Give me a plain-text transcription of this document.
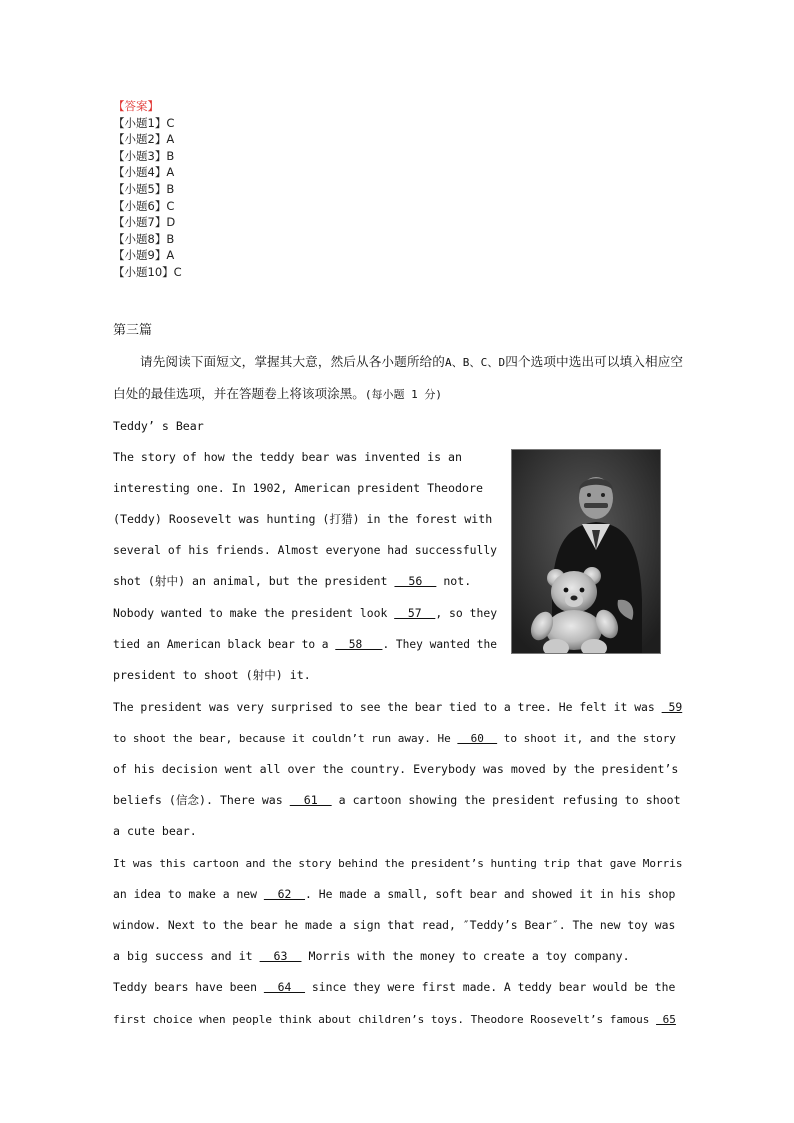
【答案】
【小题1】C
【小题2】A
【小题3】B
【小题4】A
【小题5】B
【小题6】C
【小题7】D
【小题8】B
【小题9】A
【小题10】C

第三篇

请先阅读下面短文，掌握其大意，然后从各小题所给的A、B、C、D四个选项中选出可以填入相应空白处的最佳选项，并在答题卷上将该项涂黑。(每小题 1 分)

Teddy’ s Bear

The story of how the teddy bear was invented is an

interesting one. In 1902, American president Theodore

(Teddy) Roosevelt was hunting (打猎) in the forest with

several of his friends. Almost everyone had successfully

shot (射中) an animal, but the president   56   not.

Nobody wanted to make the president look   57  , so they

tied an American black bear to a   58   . They wanted the

president to shoot (射中) it.

The president was very surprised to see the bear tied to a tree. He felt it was  59

to shoot the bear, because it couldn’t run away. He   60   to shoot it, and the story

of his decision went all over the country. Everybody was moved by the president’s

beliefs (信念). There was   61   a cartoon showing the president refusing to shoot

a cute bear.

It was this cartoon and the story behind the president’s hunting trip that gave Morris

an idea to make a new   62  . He made a small, soft bear and showed it in his shop

window. Next to the bear he made a sign that read, ″Teddy’s Bear″. The new toy was

a big success and it   63   Morris with the money to create a toy company.

Teddy bears have been   64   since they were first made. A teddy bear would be the

first choice when people think about children’s toys. Theodore Roosevelt’s famous  65
